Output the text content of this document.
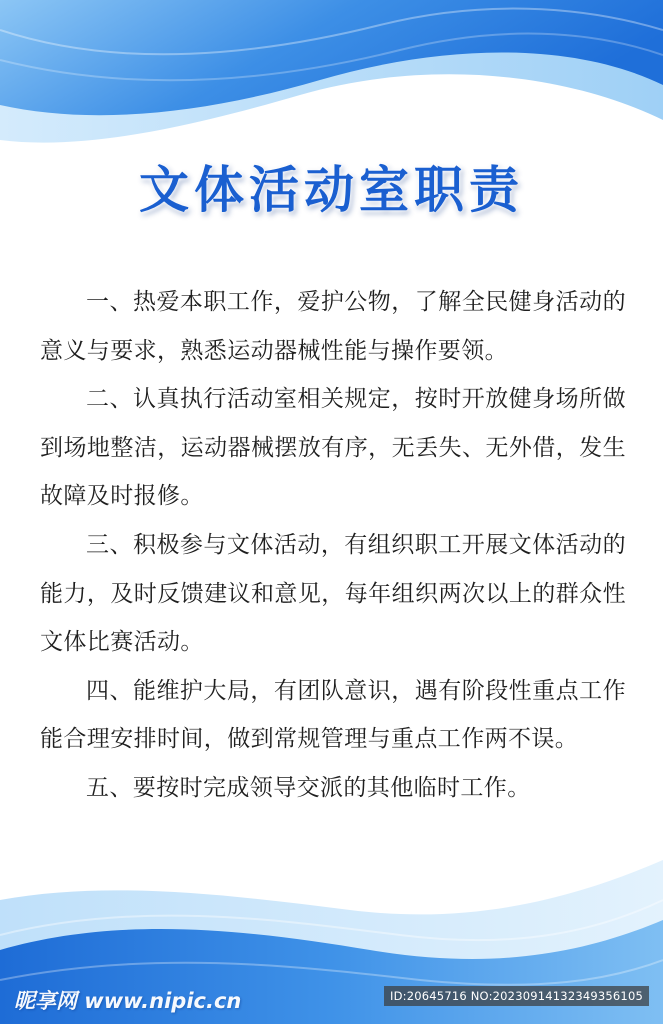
文体活动室职责

一、热爱本职工作，爱护公物，了解全民健身活动的意义与要求，熟悉运动器械性能与操作要领。

二、认真执行活动室相关规定，按时开放健身场所做到场地整洁，运动器械摆放有序，无丢失、无外借，发生故障及时报修。

三、积极参与文体活动，有组织职工开展文体活动的能力，及时反馈建议和意见，每年组织两次以上的群众性文体比赛活动。

四、能维护大局，有团队意识，遇有阶段性重点工作能合理安排时间，做到常规管理与重点工作两不误。

五、要按时完成领导交派的其他临时工作。

昵享网 www.nipic.cn	ID:20645716 NO:20230914132349356105
